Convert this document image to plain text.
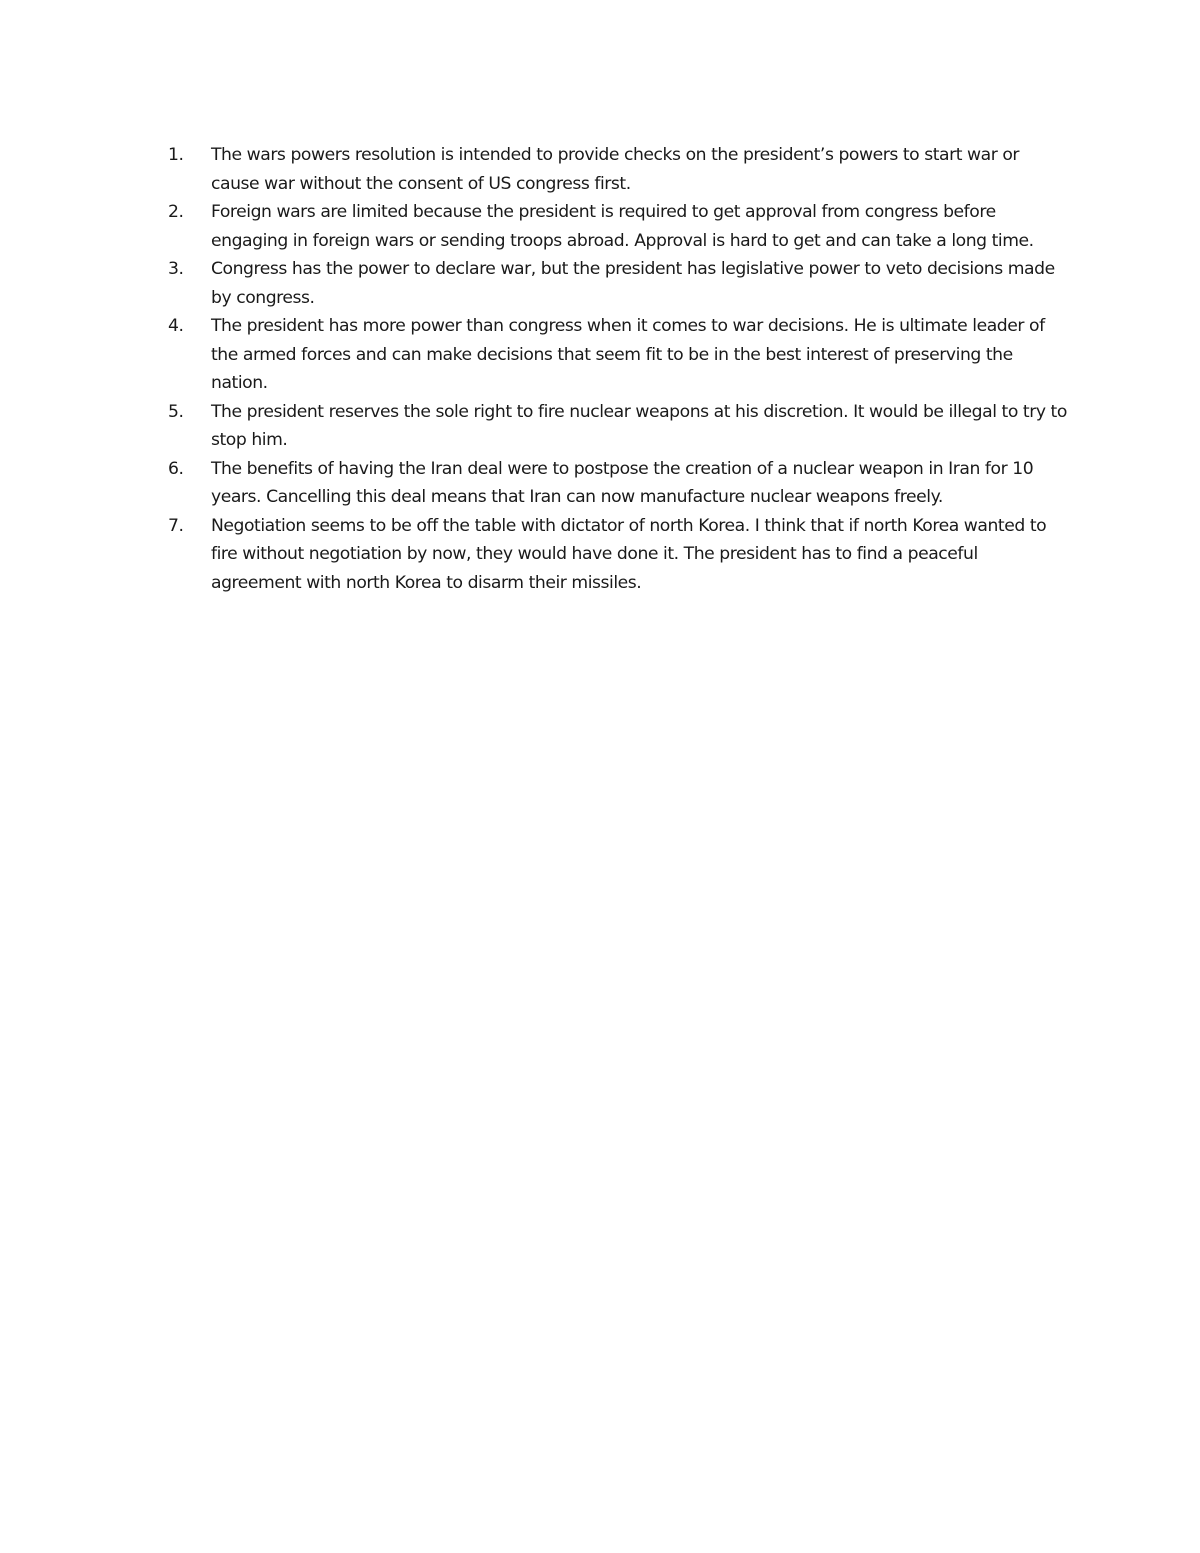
1.	The wars powers resolution is intended to provide checks on the president’s powers to start war or cause war without the consent of US congress first.
2.	Foreign wars are limited because the president is required to get approval from congress before engaging in foreign wars or sending troops abroad. Approval is hard to get and can take a long time.
3.	Congress has the power to declare war, but the president has legislative power to veto decisions made by congress.
4.	The president has more power than congress when it comes to war decisions. He is ultimate leader of the armed forces and can make decisions that seem fit to be in the best interest of preserving the nation.
5.	The president reserves the sole right to fire nuclear weapons at his discretion. It would be illegal to try to stop him.
6.	The benefits of having the Iran deal were to postpose the creation of a nuclear weapon in Iran for 10 years. Cancelling this deal means that Iran can now manufacture nuclear weapons freely.
7.	Negotiation seems to be off the table with dictator of north Korea. I think that if north Korea wanted to fire without negotiation by now, they would have done it. The president has to find a peaceful agreement with north Korea to disarm their missiles.
